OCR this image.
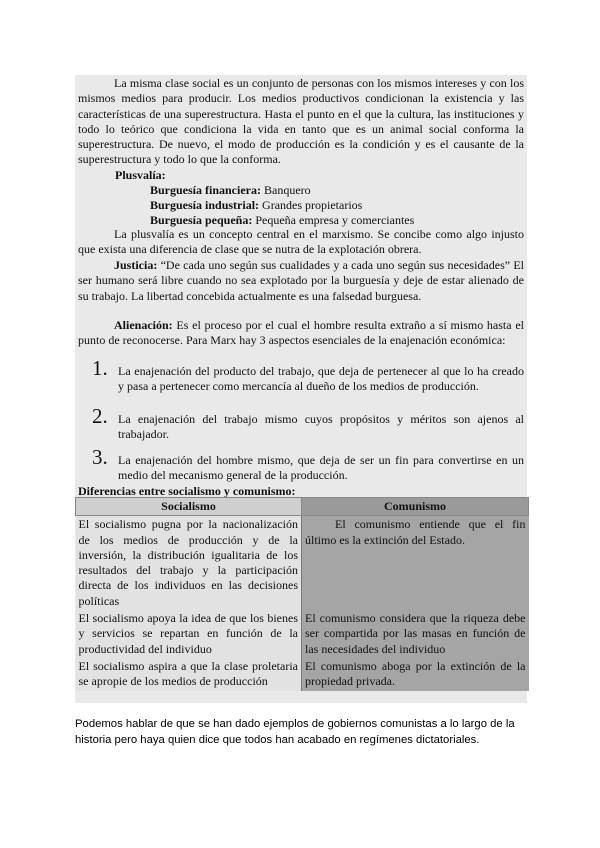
La misma clase social es un conjunto de personas con los mismos intereses y con los mismos medios para producir. Los medios productivos condicionan la existencia y las características de una superestructura. Hasta el punto en el que la cultura, las instituciones y todo lo teórico que condiciona la vida en tanto que es un animal social conforma la superestructura. De nuevo, el modo de producción es la condición y es el causante de la superestructura y todo lo que la conforma.
Plusvalía:
Burguesía financiera: Banquero
Burguesía industrial: Grandes propietarios
Burguesía pequeña: Pequeña empresa y comerciantes
La plusvalía es un concepto central en el marxismo. Se concibe como algo injusto que exista una diferencia de clase que se nutra de la explotación obrera.
Justicia: “De cada uno según sus cualidades y a cada uno según sus necesidades” El ser humano será libre cuando no sea explotado por la burguesía y deje de estar alienado de su trabajo. La libertad concebida actualmente es una falsedad burguesa.
Alienación: Es el proceso por el cual el hombre resulta extraño a sí mismo hasta el punto de reconocerse. Para Marx hay 3 aspectos esenciales de la enajenación económica:
1. La enajenación del producto del trabajo, que deja de pertenecer al que lo ha creado y pasa a pertenecer como mercancía al dueño de los medios de producción.
2. La enajenación del trabajo mismo cuyos propósitos y méritos son ajenos al trabajador.
3. La enajenación del hombre mismo, que deja de ser un fin para convertirse en un medio del mecanismo general de la producción.
Diferencias entre socialismo y comunismo:
Socialismo	Comunismo
El socialismo pugna por la nacionalización de los medios de producción y de la inversión, la distribución igualitaria de los resultados del trabajo y la participación directa de los individuos en las decisiones políticas	El comunismo entiende que el fin último es la extinción del Estado.
El socialismo apoya la idea de que los bienes y servicios se repartan en función de la productividad del individuo	El comunismo considera que la riqueza debe ser compartida por las masas en función de las necesidades del individuo
El socialismo aspira a que la clase proletaria se apropie de los medios de producción	El comunismo aboga por la extinción de la propiedad privada.
Podemos hablar de que se han dado ejemplos de gobiernos comunistas a lo largo de la historia pero haya quien dice que todos han acabado en regímenes dictatoriales.
